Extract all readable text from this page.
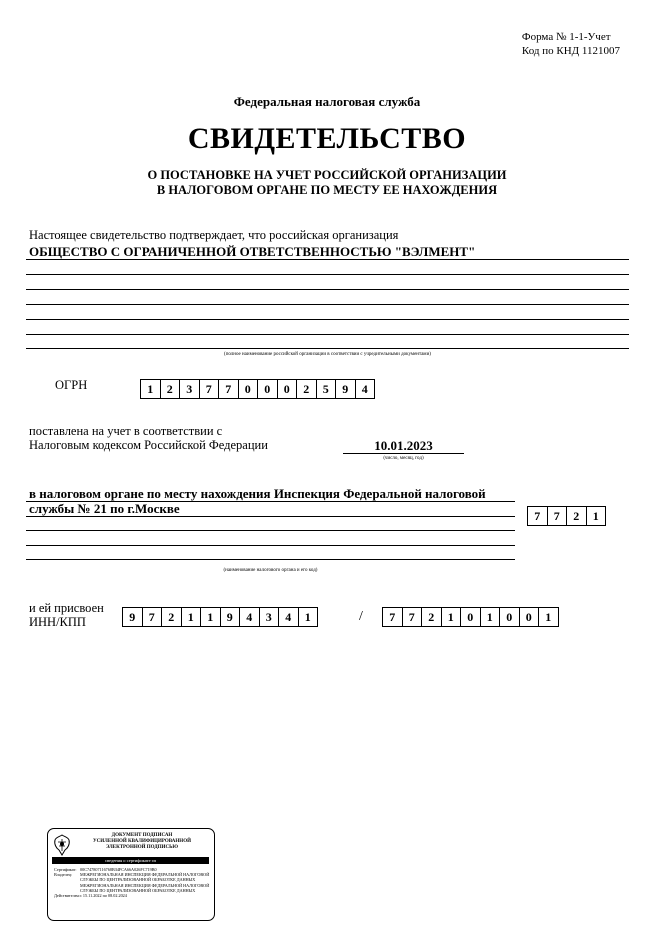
Форма № 1-1-Учет
Код по КНД 1121007
Федеральная налоговая служба
СВИДЕТЕЛЬСТВО
О ПОСТАНОВКЕ НА УЧЕТ РОССИЙСКОЙ ОРГАНИЗАЦИИ
В НАЛОГОВОМ ОРГАНЕ ПО МЕСТУ ЕЕ НАХОЖДЕНИЯ
Настоящее свидетельство подтверждает, что российская организация
ОБЩЕСТВО С ОГРАНИЧЕННОЙ ОТВЕТСТВЕННОСТЬЮ "ВЭЛМЕНТ"
(полное наименование российской организации в соответствии с учредительными документами)
ОГРН	1	2	3	7	7	0	0	0	2	5	9	4
поставлена на учет в соответствии с
Налоговым кодексом Российской Федерации	10.01.2023
(число, месяц, год)
в налоговом органе по месту нахождения Инспекция Федеральной налоговой
службы № 21 по г.Москве
(наименование налогового органа и его код)
7	7	2	1
и ей присвоен
ИНН/КПП	9	7	2	1	1	9	4	3	4	1	/	7	7	2	1	0	1	0	0	1
ДОКУМЕНТ ПОДПИСАН
УСИЛЕННОЙ КВАЛИФИЦИРОВАННОЙ
ЭЛЕКТРОННОЙ ПОДПИСЬЮ
сведения о сертификате эп
Сертификат: 00С747807116768ВЗ4FСА66А026FС719В0
Владелец:	МЕЖРЕГИОНАЛЬНАЯ ИНСПЕКЦИЯ ФЕДЕРАЛЬНОЙ НАЛОГОВОЙ СЛУЖБЫ ПО ЦЕНТРАЛИЗОВАННОЙ ОБРАБОТКЕ ДАННЫХ МЕЖРЕГИОНАЛЬНАЯ ИНСПЕКЦИЯ ФЕДЕРАЛЬНОЙ НАЛОГОВОЙ СЛУЖБЫ ПО ЦЕНТРАЛИЗОВАННОЙ ОБРАБОТКЕ ДАННЫХ
Действителен: с 15.11.2022 по 08.02.2024
